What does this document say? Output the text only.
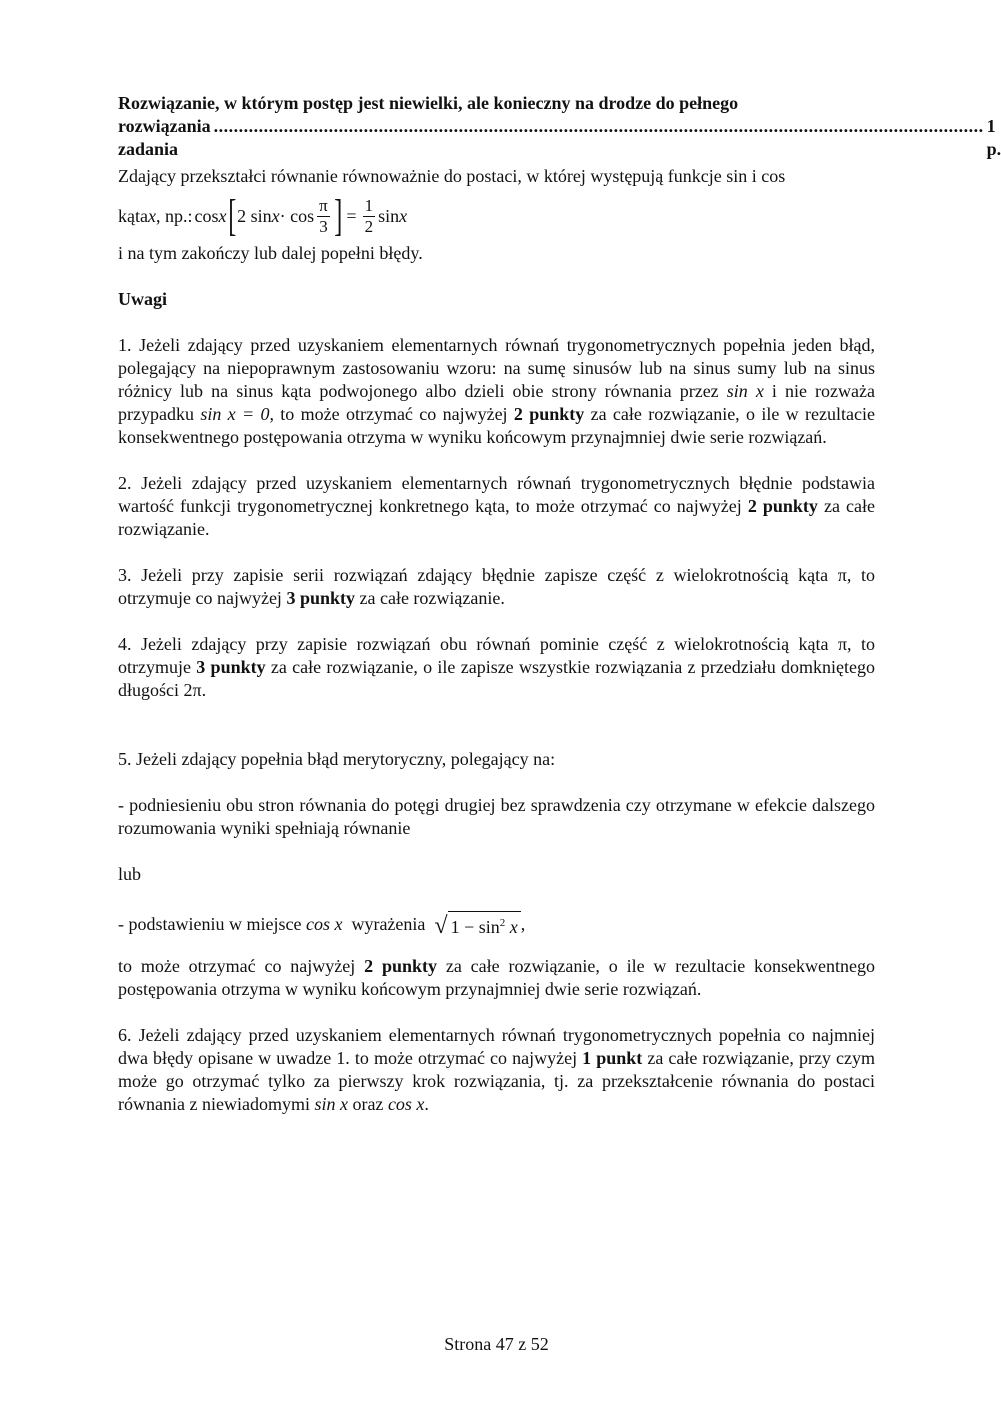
Rozwiązanie, w którym postęp jest niewielki, ale konieczny na drodze do pełnego

rozwiązania zadania
.......................................................................................................................................................... 1 p.

Zdający przekształci równanie równoważnie do postaci, w której występują funkcje sin i cos

kąta x , np.: cos x [ 2 $\sin x \cdot \cos \frac{\pi}{3}$ ] = $\frac{1}{2}$ sin x

i na tym zakończy lub dalej popełni błędy.

Uwagi

1. Jeżeli zdający przed uzyskaniem elementarnych równań trygonometrycznych popełnia jeden błąd, polegający na niepoprawnym zastosowaniu wzoru: na sumę sinusów lub na sinus sumy lub na sinus różnicy lub na sinus kąta podwojonego albo dzieli obie strony równania przez sin x i nie rozważa przypadku sin x = 0, to może otrzymać co najwyżej 2 punkty za całe rozwiązanie, o ile w rezultacie konsekwentnego postępowania otrzyma w wyniku końcowym przynajmniej dwie serie rozwiązań.

2. Jeżeli zdający przed uzyskaniem elementarnych równań trygonometrycznych błędnie podstawia wartość funkcji trygonometrycznej konkretnego kąta, to może otrzymać co najwyżej 2 punkty za całe rozwiązanie.

3. Jeżeli przy zapisie serii rozwiązań zdający błędnie zapisze część z wielokrotnością kąta π, to otrzymuje co najwyżej 3 punkty za całe rozwiązanie.

4. Jeżeli zdający przy zapisie rozwiązań obu równań pominie część z wielokrotnością kąta π, to otrzymuje 3 punkty za całe rozwiązanie, o ile zapisze wszystkie rozwiązania z przedziału domkniętego długości 2π.

5. Jeżeli zdający popełnia błąd merytoryczny, polegający na:

- podniesieniu obu stron równania do potęgi drugiej bez sprawdzenia czy otrzymane w efekcie dalszego rozumowania wyniki spełniają równanie

lub

- podstawieniu w miejsce
cos x wyrażenia √ $1 - \sin^2 x$ ,

to może otrzymać co najwyżej 2 punkty za całe rozwiązanie, o ile w rezultacie konsekwentnego postępowania otrzyma w wyniku końcowym przynajmniej dwie serie rozwiązań.

6. Jeżeli zdający przed uzyskaniem elementarnych równań trygonometrycznych popełnia co najmniej dwa błędy opisane w uwadze 1. to może otrzymać co najwyżej 1 punkt za całe rozwiązanie, przy czym może go otrzymać tylko za pierwszy krok rozwiązania, tj. za przekształcenie równania do postaci równania z niewiadomymi sin x oraz cos x.

Strona 47 z 52
